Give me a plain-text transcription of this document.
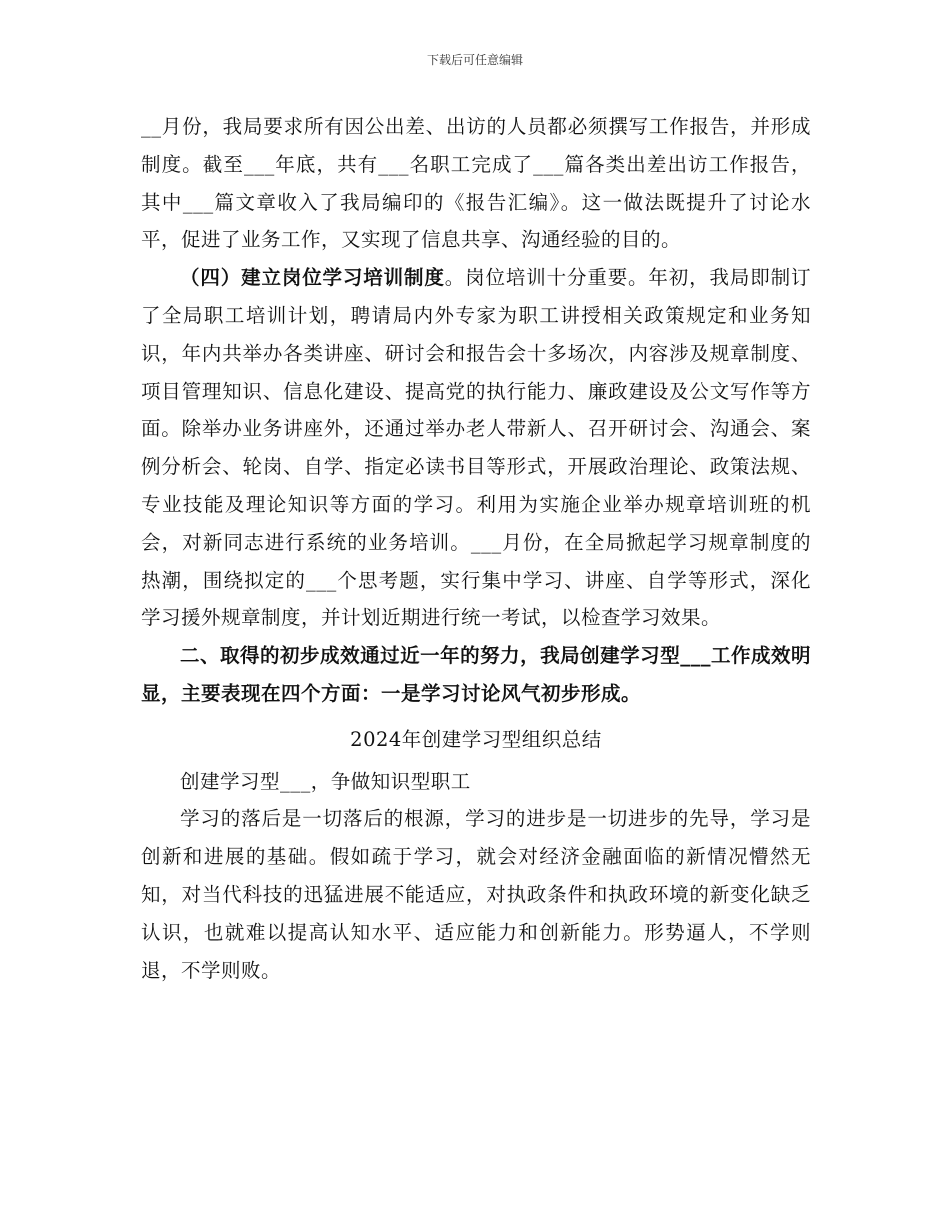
下载后可任意编辑

__月份，我局要求所有因公出差、出访的人员都必须撰写工作报告，并形成制度。截至___年底，共有___名职工完成了___篇各类出差出访工作报告，其中___篇文章收入了我局编印的《报告汇编》。这一做法既提升了讨论水平，促进了业务工作，又实现了信息共享、沟通经验的目的。

（四）建立岗位学习培训制度。岗位培训十分重要。年初，我局即制订了全局职工培训计划，聘请局内外专家为职工讲授相关政策规定和业务知识，年内共举办各类讲座、研讨会和报告会十多场次，内容涉及规章制度、项目管理知识、信息化建设、提高党的执行能力、廉政建设及公文写作等方面。除举办业务讲座外，还通过举办老人带新人、召开研讨会、沟通会、案例分析会、轮岗、自学、指定必读书目等形式，开展政治理论、政策法规、专业技能及理论知识等方面的学习。利用为实施企业举办规章培训班的机会，对新同志进行系统的业务培训。___月份，在全局掀起学习规章制度的热潮，围绕拟定的___个思考题，实行集中学习、讲座、自学等形式，深化学习援外规章制度，并计划近期进行统一考试，以检查学习效果。

二、取得的初步成效通过近一年的努力，我局创建学习型___工作成效明显，主要表现在四个方面：一是学习讨论风气初步形成。

2024年创建学习型组织总结

创建学习型___，争做知识型职工

学习的落后是一切落后的根源，学习的进步是一切进步的先导，学习是创新和进展的基础。假如疏于学习，就会对经济金融面临的新情况懵然无知，对当代科技的迅猛进展不能适应，对执政条件和执政环境的新变化缺乏认识，也就难以提高认知水平、适应能力和创新能力。形势逼人，不学则退，不学则败。
